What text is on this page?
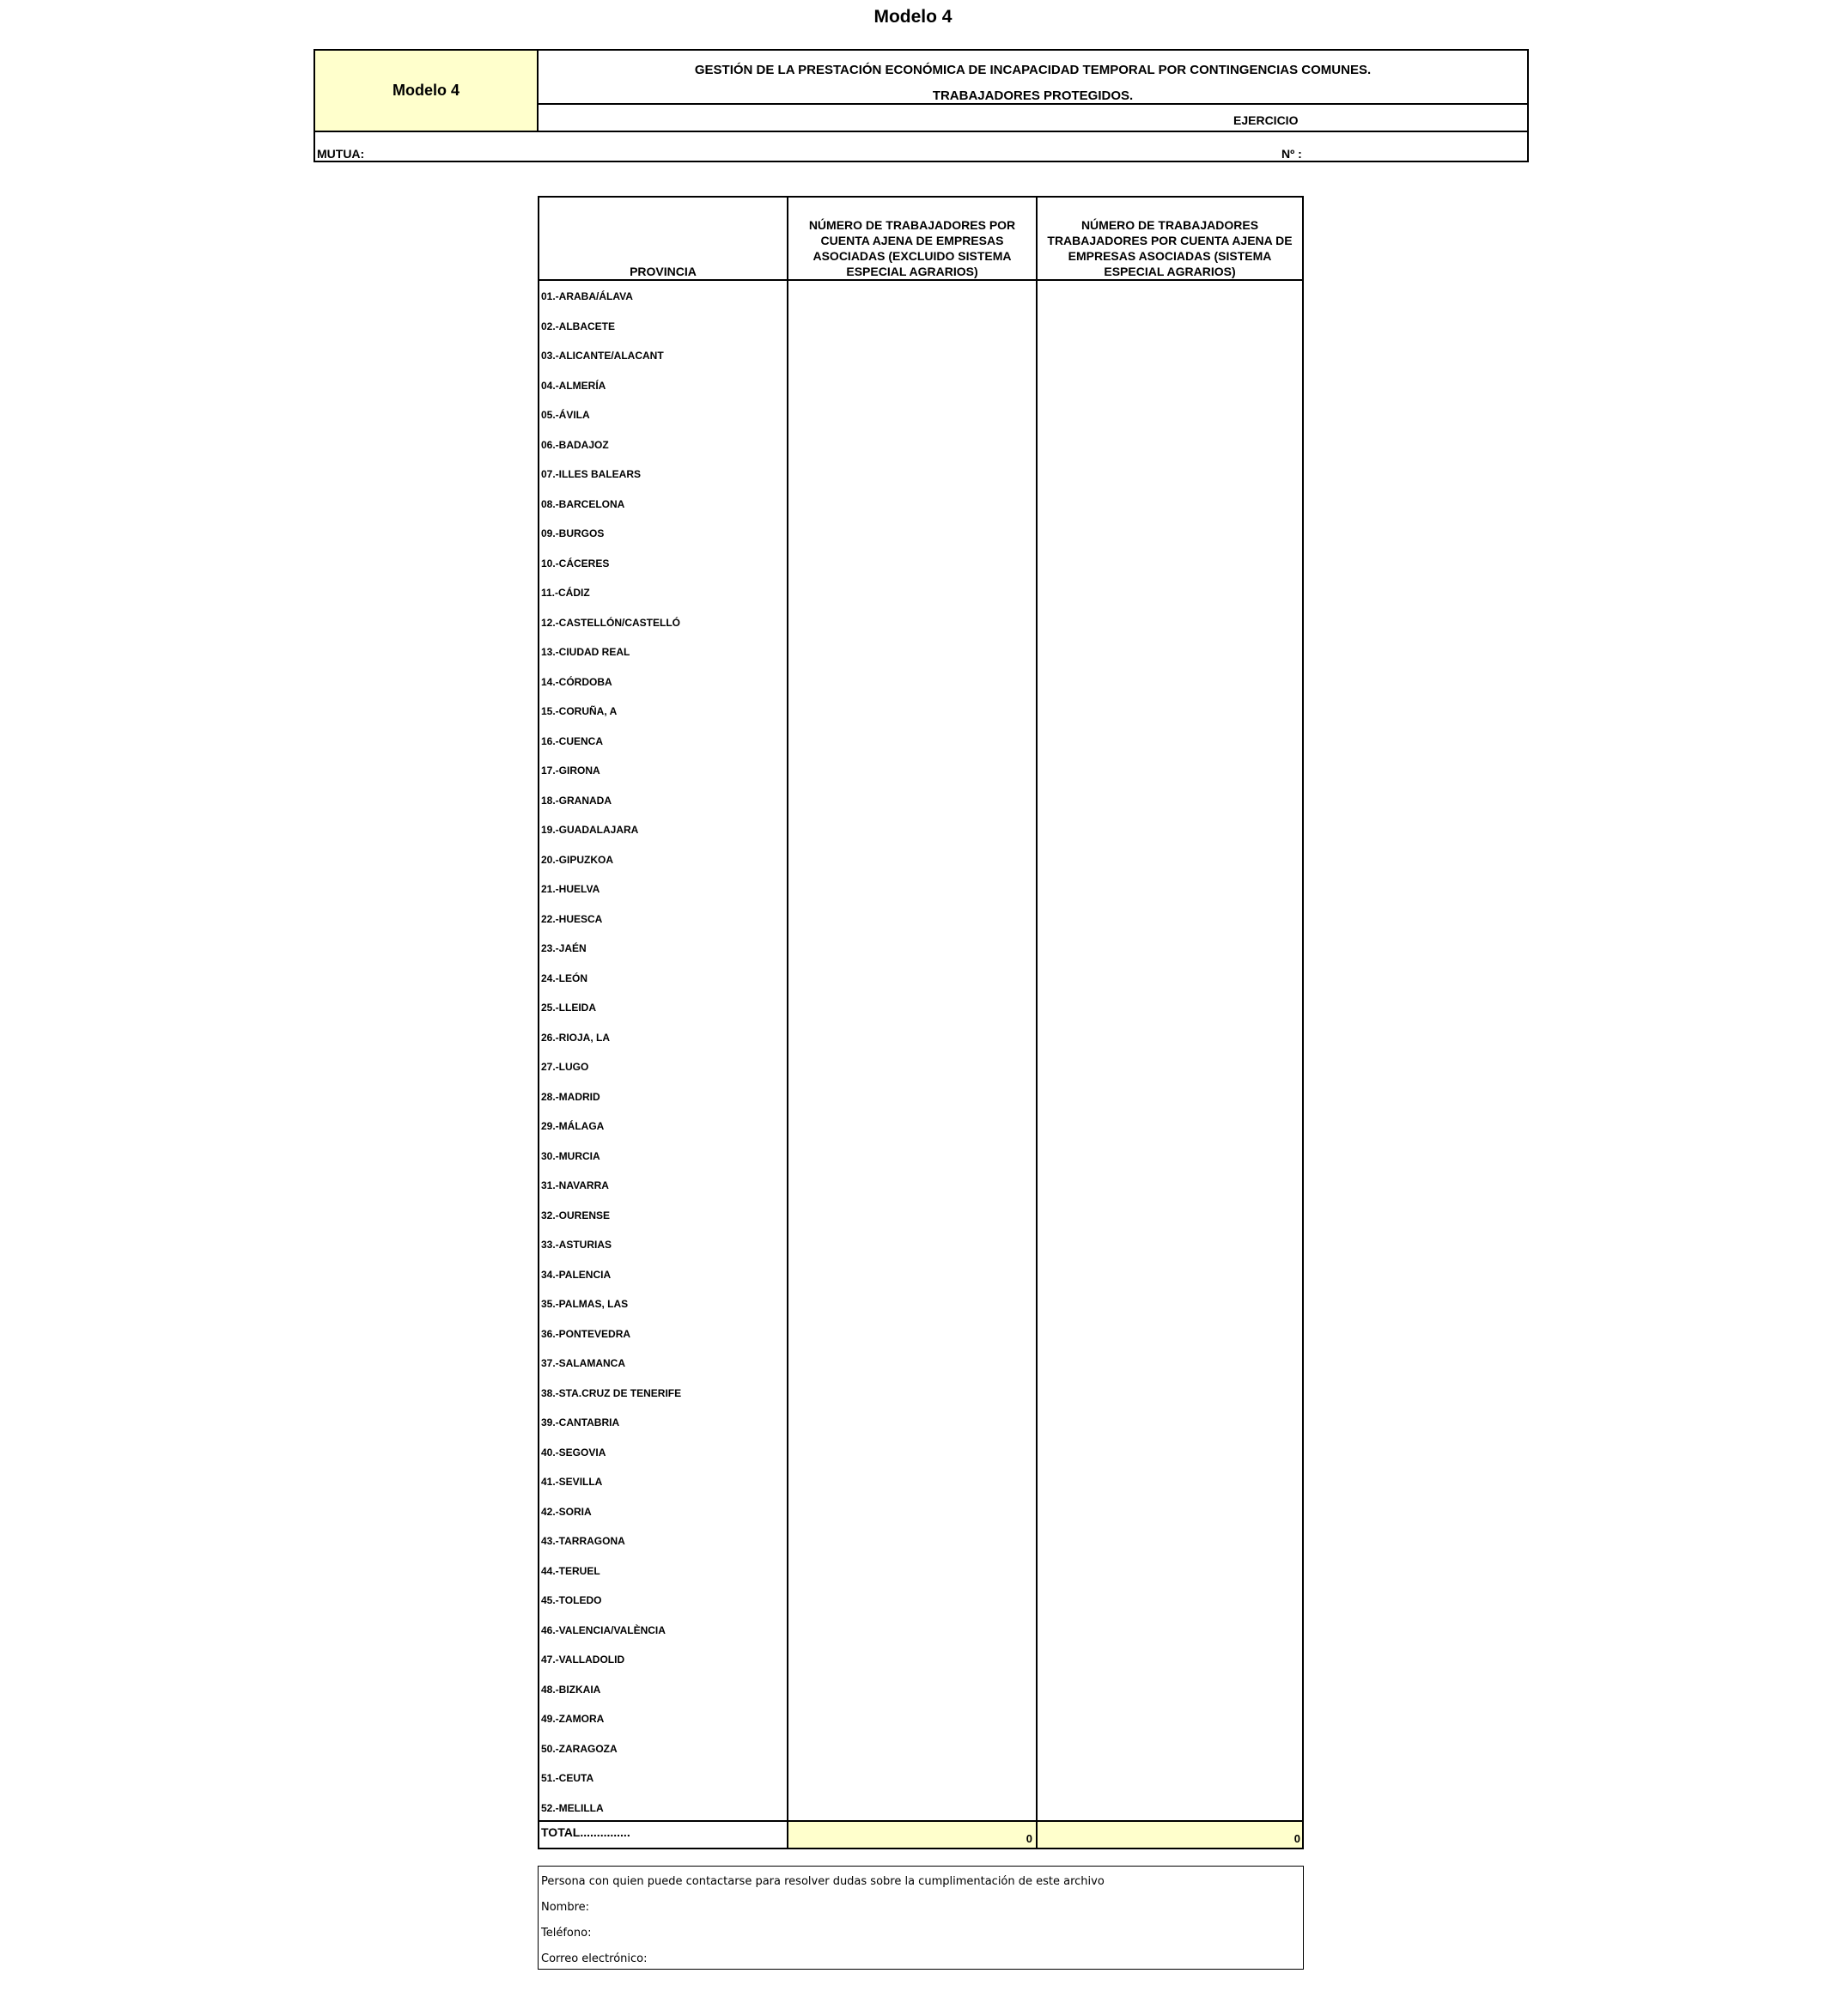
Modelo 4
Modelo 4
GESTIÓN DE LA PRESTACIÓN ECONÓMICA DE INCAPACIDAD TEMPORAL POR CONTINGENCIAS COMUNES.
TRABAJADORES PROTEGIDOS.
EJERCICIO
MUTUA:	Nº :
PROVINCIA
NÚMERO DE TRABAJADORES POR CUENTA AJENA DE EMPRESAS ASOCIADAS (EXCLUIDO SISTEMA ESPECIAL AGRARIOS)
NÚMERO DE TRABAJADORES TRABAJADORES POR CUENTA AJENA DE EMPRESAS ASOCIADAS (SISTEMA ESPECIAL AGRARIOS)
01.-ARABA/ÁLAVA
02.-ALBACETE
03.-ALICANTE/ALACANT
04.-ALMERÍA
05.-ÁVILA
06.-BADAJOZ
07.-ILLES BALEARS
08.-BARCELONA
09.-BURGOS
10.-CÁCERES
11.-CÁDIZ
12.-CASTELLÓN/CASTELLÓ
13.-CIUDAD REAL
14.-CÓRDOBA
15.-CORUÑA, A
16.-CUENCA
17.-GIRONA
18.-GRANADA
19.-GUADALAJARA
20.-GIPUZKOA
21.-HUELVA
22.-HUESCA
23.-JAÉN
24.-LEÓN
25.-LLEIDA
26.-RIOJA, LA
27.-LUGO
28.-MADRID
29.-MÁLAGA
30.-MURCIA
31.-NAVARRA
32.-OURENSE
33.-ASTURIAS
34.-PALENCIA
35.-PALMAS, LAS
36.-PONTEVEDRA
37.-SALAMANCA
38.-STA.CRUZ DE TENERIFE
39.-CANTABRIA
40.-SEGOVIA
41.-SEVILLA
42.-SORIA
43.-TARRAGONA
44.-TERUEL
45.-TOLEDO
46.-VALENCIA/VALÈNCIA
47.-VALLADOLID
48.-BIZKAIA
49.-ZAMORA
50.-ZARAGOZA
51.-CEUTA
52.-MELILLA
TOTAL...............	0	0
Persona con quien puede contactarse para resolver dudas sobre la cumplimentación de este archivo
Nombre:
Teléfono:
Correo electrónico:
